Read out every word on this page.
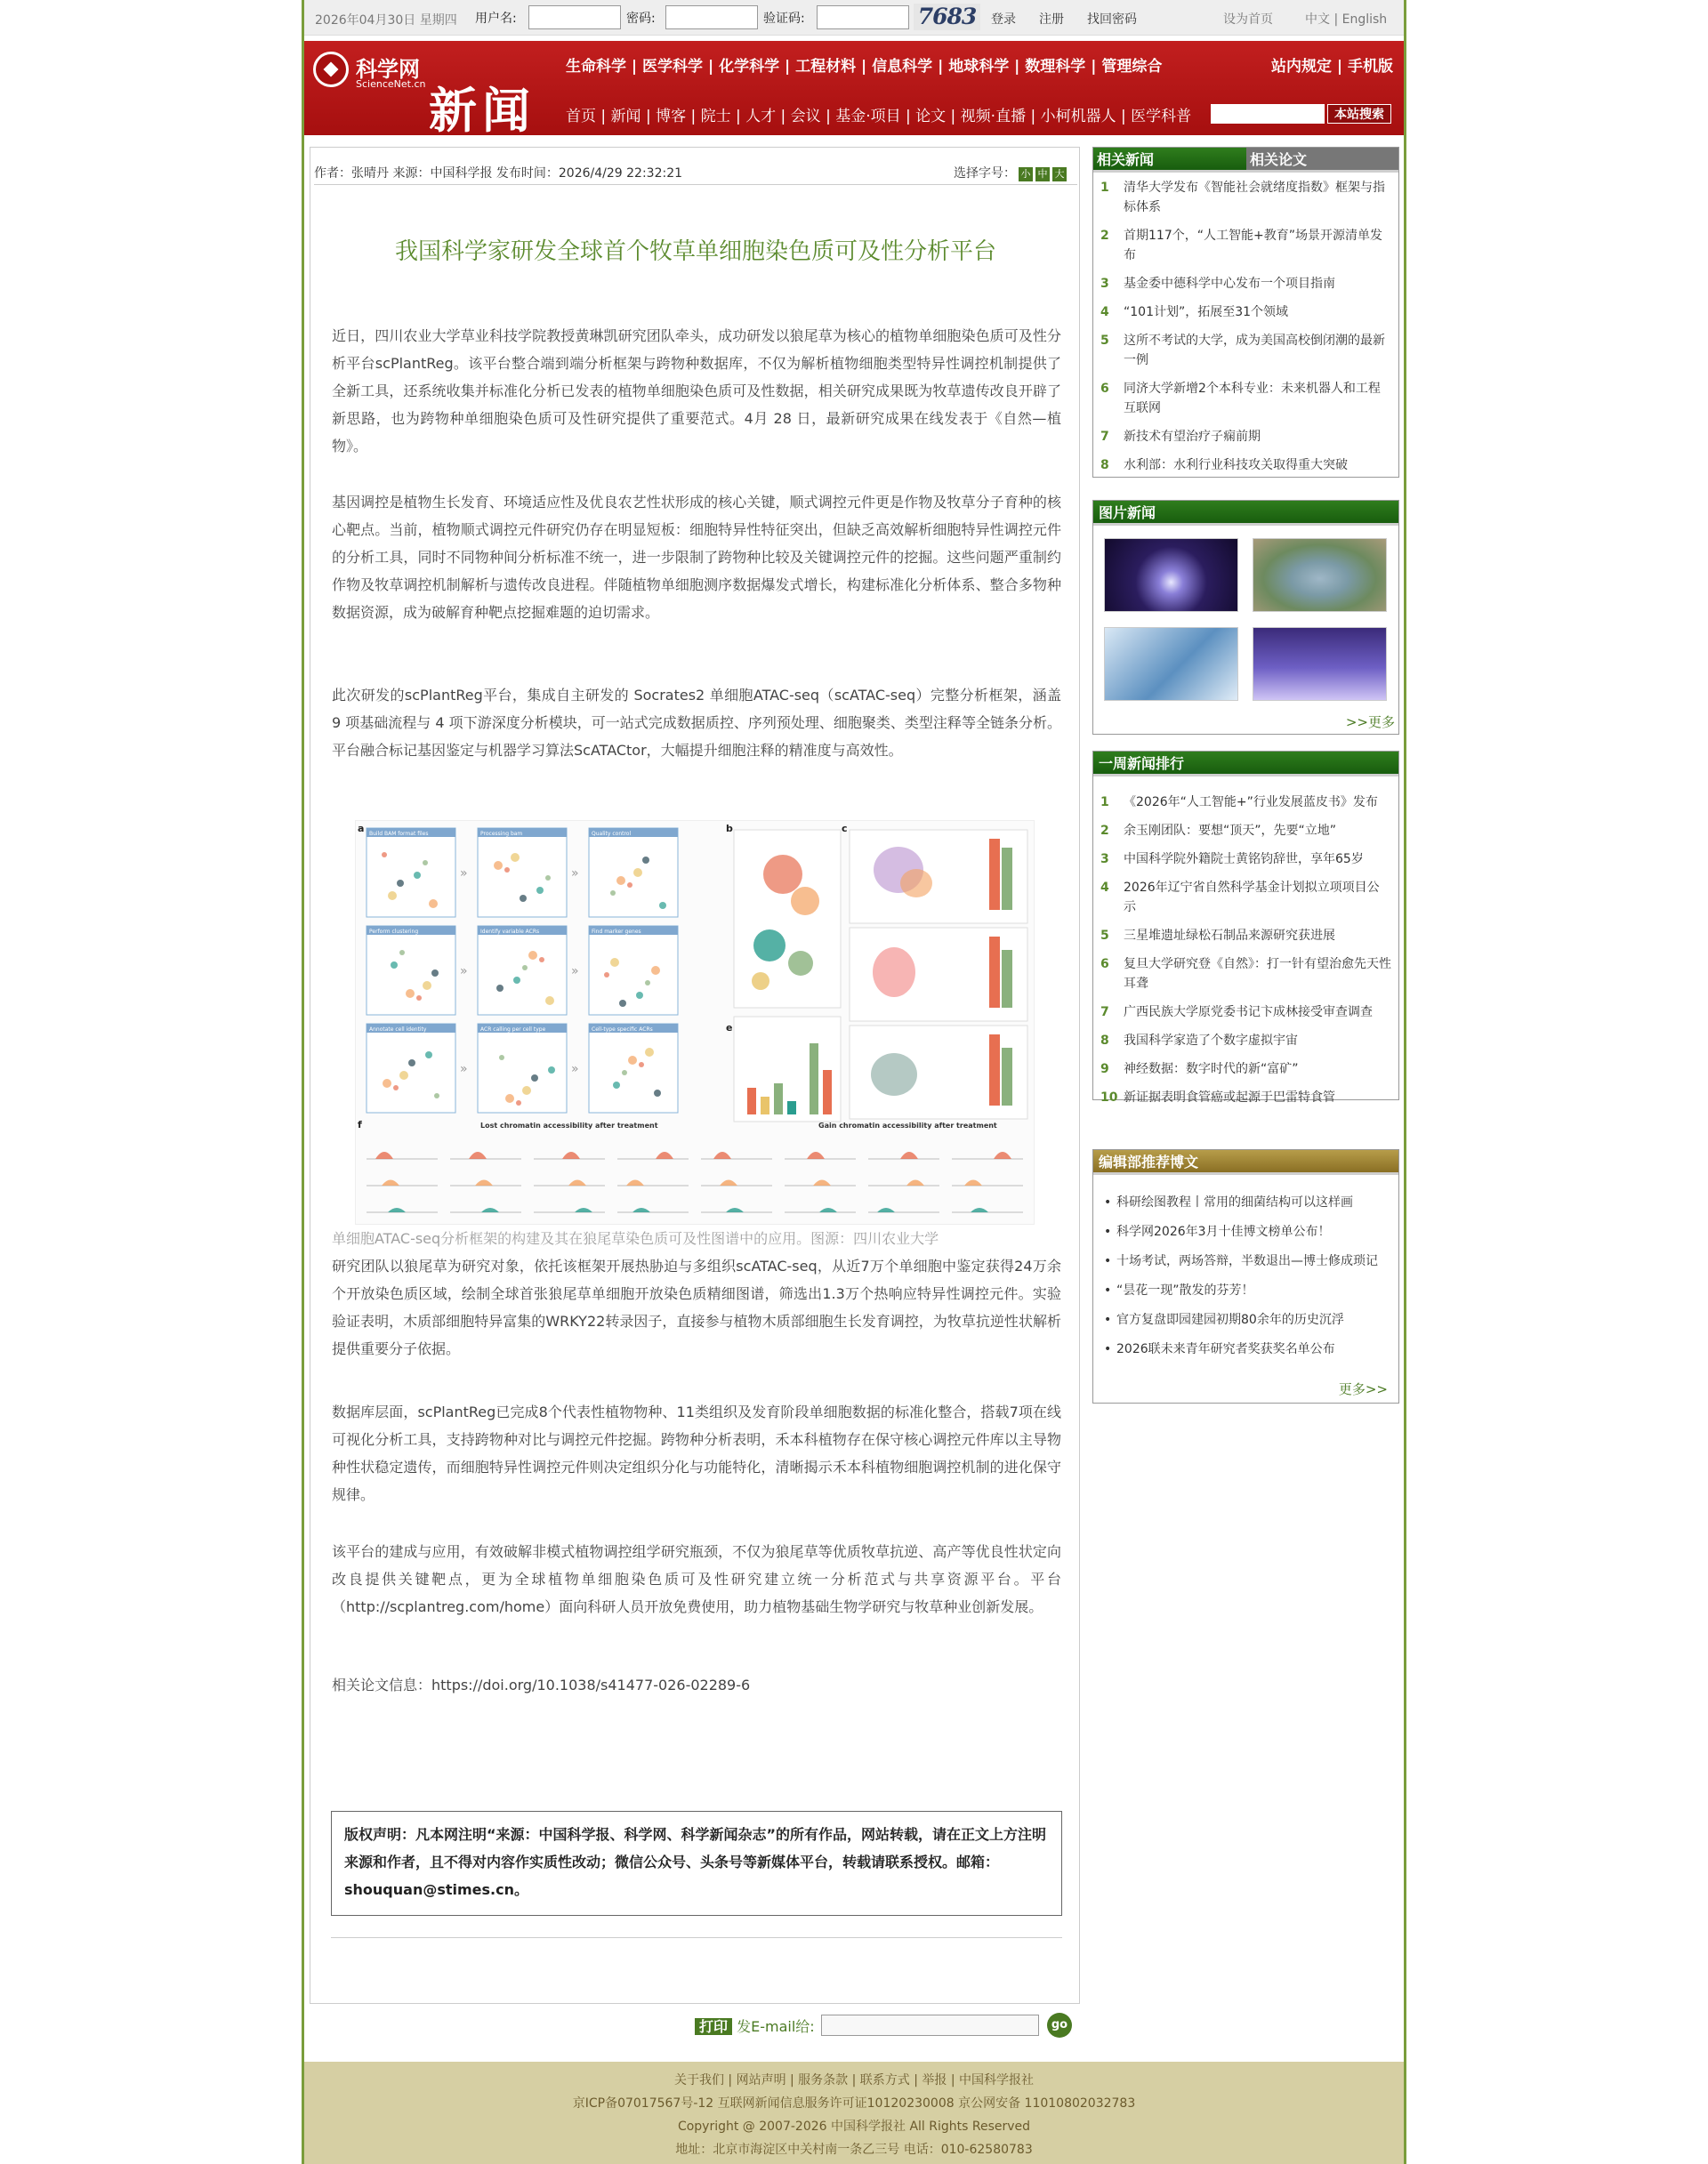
2026年04月30日 星期四 用户名:	密码:	验证码:	7683	登录 注册 找回密码	设为首页	中文 | English
科学网
ScienceNet.cn 新闻
生命科学 | 医学科学 | 化学科学 | 工程材料 | 信息科学 | 地球科学 | 数理科学 | 管理综合	站内规定 | 手机版
首页 | 新闻 | 博客 | 院士 | 人才 | 会议 | 基金·项目 | 论文 | 视频·直播 | 小柯机器人 | 医学科普	本站搜索
作者：张晴丹 来源：中国科学报 发布时间：2026/4/29 22:32:21	选择字号： 小 中 大
我国科学家研发全球首个牧草单细胞染色质可及性分析平台

近日，四川农业大学草业科技学院教授黄琳凯研究团队牵头，成功研发以狼尾草为核心的植物单细胞染色质可及性分析平台scPlantReg。该平台整合端到端分析框架与跨物种数据库，不仅为解析植物细胞类型特异性调控机制提供了全新工具，还系统收集并标准化分析已发表的植物单细胞染色质可及性数据，相关研究成果既为牧草遗传改良开辟了新思路，也为跨物种单细胞染色质可及性研究提供了重要范式。4月 28 日，最新研究成果在线发表于《自然—植物》。

基因调控是植物生长发育、环境适应性及优良农艺性状形成的核心关键，顺式调控元件更是作物及牧草分子育种的核心靶点。当前，植物顺式调控元件研究仍存在明显短板：细胞特异性特征突出，但缺乏高效解析细胞特异性调控元件的分析工具，同时不同物种间分析标准不统一，进一步限制了跨物种比较及关键调控元件的挖掘。这些问题严重制约作物及牧草调控机制解析与遗传改良进程。伴随植物单细胞测序数据爆发式增长，构建标准化分析体系、整合多物种数据资源，成为破解育种靶点挖掘难题的迫切需求。

此次研发的scPlantReg平台，集成自主研发的 Socrates2 单细胞ATAC-seq（scATAC-seq）完整分析框架，涵盖 9 项基础流程与 4 项下游深度分析模块，可一站式完成数据质控、序列预处理、细胞聚类、类型注释等全链条分析。平台融合标记基因鉴定与机器学习算法ScATACtor，大幅提升细胞注释的精准度与高效性。

a	b	c
e
f
Build BAM format files
»
Processing bam
»
Quality control
Perform clustering
»
Identify variable ACRs
»
Find marker genes
Annotate cell identity
»
ACR calling per cell type
»
Cell-type specific ACRs
Lost chromatin accessibility after treatment	Gain chromatin accessibility after treatment

单细胞ATAC-seq分析框架的构建及其在狼尾草染色质可及性图谱中的应用。图源：四川农业大学

研究团队以狼尾草为研究对象，依托该框架开展热胁迫与多组织scATAC-seq，从近7万个单细胞中鉴定获得24万余个开放染色质区域，绘制全球首张狼尾草单细胞开放染色质精细图谱，筛选出1.3万个热响应特异性调控元件。实验验证表明，木质部细胞特异富集的WRKY22转录因子，直接参与植物木质部细胞生长发育调控，为牧草抗逆性状解析提供重要分子依据。

数据库层面，scPlantReg已完成8个代表性植物物种、11类组织及发育阶段单细胞数据的标准化整合，搭载7项在线可视化分析工具，支持跨物种对比与调控元件挖掘。跨物种分析表明，禾本科植物存在保守核心调控元件库以主导物种性状稳定遗传，而细胞特异性调控元件则决定组织分化与功能特化，清晰揭示禾本科植物细胞调控机制的进化保守规律。

该平台的建成与应用，有效破解非模式植物调控组学研究瓶颈，不仅为狼尾草等优质牧草抗逆、高产等优良性状定向改良提供关键靶点，更为全球植物单细胞染色质可及性研究建立统一分析范式与共享资源平台。平台（http://scplantreg.com/home）面向科研人员开放免费使用，助力植物基础生物学研究与牧草种业创新发展。

相关论文信息：https://doi.org/10.1038/s41477-026-02289-6

版权声明：凡本网注明“来源：中国科学报、科学网、科学新闻杂志”的所有作品，网站转载，请在正文上方注明来源和作者，且不得对内容作实质性改动；微信公众号、头条号等新媒体平台，转载请联系授权。邮箱：shouquan@stimes.cn。
打印 发E-mail给:	go
相关新闻	相关论文
1 清华大学发布《智能社会就绪度指数》框架与指标体系
2 首期117个，“人工智能+教育”场景开源清单发布
3 基金委中德科学中心发布一个项目指南
4 “101计划”，拓展至31个领域
5 这所不考试的大学，成为美国高校倒闭潮的最新一例
6 同济大学新增2个本科专业：未来机器人和工程互联网
7 新技术有望治疗子痫前期
8 水利部：水利行业科技攻关取得重大突破
图片新闻
>>更多
一周新闻排行
1 《2026年“人工智能+”行业发展蓝皮书》发布
2 余玉刚团队：要想“顶天”，先要“立地”
3 中国科学院外籍院士黄铭钧辞世，享年65岁
4 2026年辽宁省自然科学基金计划拟立项项目公示
5 三星堆遗址绿松石制品来源研究获进展
6 复旦大学研究登《自然》：打一针有望治愈先天性耳聋
7 广西民族大学原党委书记卞成林接受审查调查
8 我国科学家造了个数字虚拟宇宙
9 神经数据：数字时代的新“富矿”
10 新证据表明食管癌或起源于巴雷特食管
编辑部推荐博文
• 科研绘图教程丨常用的细菌结构可以这样画
• 科学网2026年3月十佳博文榜单公布！
• 十场考试，两场答辩，半数退出—博士修成琐记
• “昙花一现”散发的芬芳！
• 官方复盘即园建园初期80余年的历史沉浮
• 2026联未来青年研究者奖获奖名单公布
更多>>
关于我们 | 网站声明 | 服务条款 | 联系方式 | 举报 | 中国科学报社
京ICP备07017567号-12 互联网新闻信息服务许可证10120230008 京公网安备 11010802032783
Copyright @ 2007-2026 中国科学报社 All Rights Reserved
地址：北京市海淀区中关村南一条乙三号 电话：010-62580783
